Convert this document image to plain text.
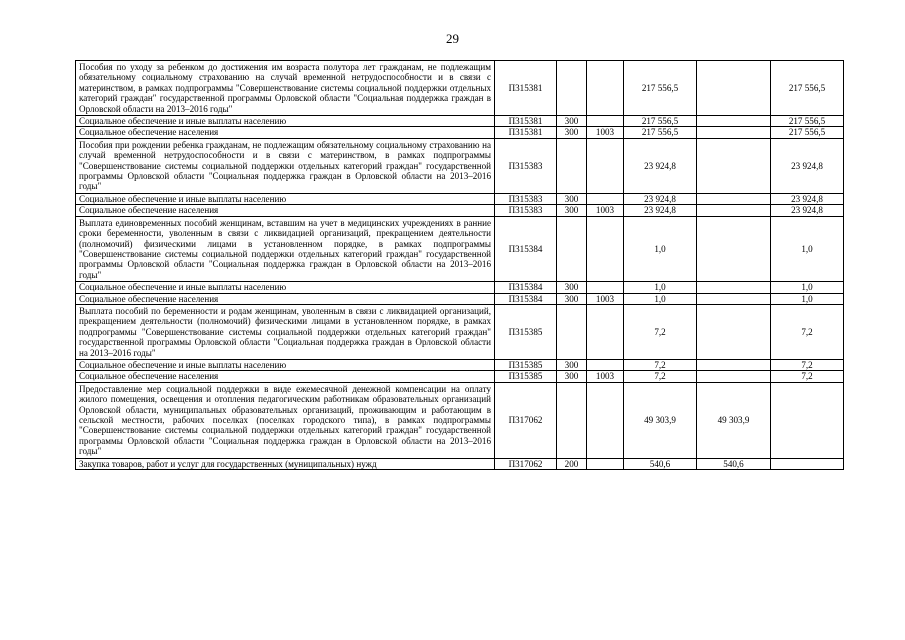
29
Пособия по уходу за ребенком до достижения им возраста полутора лет гражданам, не подлежащим обязательному социальному страхованию на случай временной нетрудоспособности и в связи с материнством, в рамках подпрограммы "Совершенствование системы социальной поддержки отдельных категорий граждан" государственной программы Орловской области "Социальная поддержка граждан в Орловской области на 2013–2016 годы"	П315381			217 556,5		217 556,5
Социальное обеспечение и иные выплаты населению	П315381	300		217 556,5		217 556,5
Социальное обеспечение населения	П315381	300	1003	217 556,5		217 556,5
Пособия при рождении ребенка гражданам, не подлежащим обязательному социальному страхованию на случай временной нетрудоспособности и в связи с материнством, в рамках подпрограммы "Совершенствование системы социальной поддержки отдельных категорий граждан" государственной программы Орловской области "Социальная поддержка граждан в Орловской области на 2013–2016 годы"	П315383			23 924,8		23 924,8
Социальное обеспечение и иные выплаты населению	П315383	300		23 924,8		23 924,8
Социальное обеспечение населения	П315383	300	1003	23 924,8		23 924,8
Выплата единовременных пособий женщинам, вставшим на учет в медицинских учреждениях в ранние сроки беременности, уволенным в связи с ликвидацией организаций, прекращением деятельности (полномочий) физическими лицами в установленном порядке, в рамках подпрограммы "Совершенствование системы социальной поддержки отдельных категорий граждан" государственной программы Орловской области "Социальная поддержка граждан в Орловской области на 2013–2016 годы"	П315384			1,0		1,0
Социальное обеспечение и иные выплаты населению	П315384	300		1,0		1,0
Социальное обеспечение населения	П315384	300	1003	1,0		1,0
Выплата пособий по беременности и родам женщинам, уволенным в связи с ликвидацией организаций, прекращением деятельности (полномочий) физическими лицами в установленном порядке, в рамках подпрограммы "Совершенствование системы социальной поддержки отдельных категорий граждан" государственной программы Орловской области "Социальная поддержка граждан в Орловской области на 2013–2016 годы"	П315385			7,2		7,2
Социальное обеспечение и иные выплаты населению	П315385	300		7,2		7,2
Социальное обеспечение населения	П315385	300	1003	7,2		7,2
Предоставление мер социальной поддержки в виде ежемесячной денежной компенсации на оплату жилого помещения, освещения и отопления педагогическим работникам образовательных организаций Орловской области, муниципальных образовательных организаций, проживающим и работающим в сельской местности, рабочих поселках (поселках городского типа), в рамках подпрограммы "Совершенствование системы социальной поддержки отдельных категорий граждан" государственной программы Орловской области "Социальная поддержка граждан в Орловской области на 2013–2016 годы"	П317062			49 303,9	49 303,9	
Закупка товаров, работ и услуг для государственных (муниципальных) нужд	П317062	200		540,6	540,6	
